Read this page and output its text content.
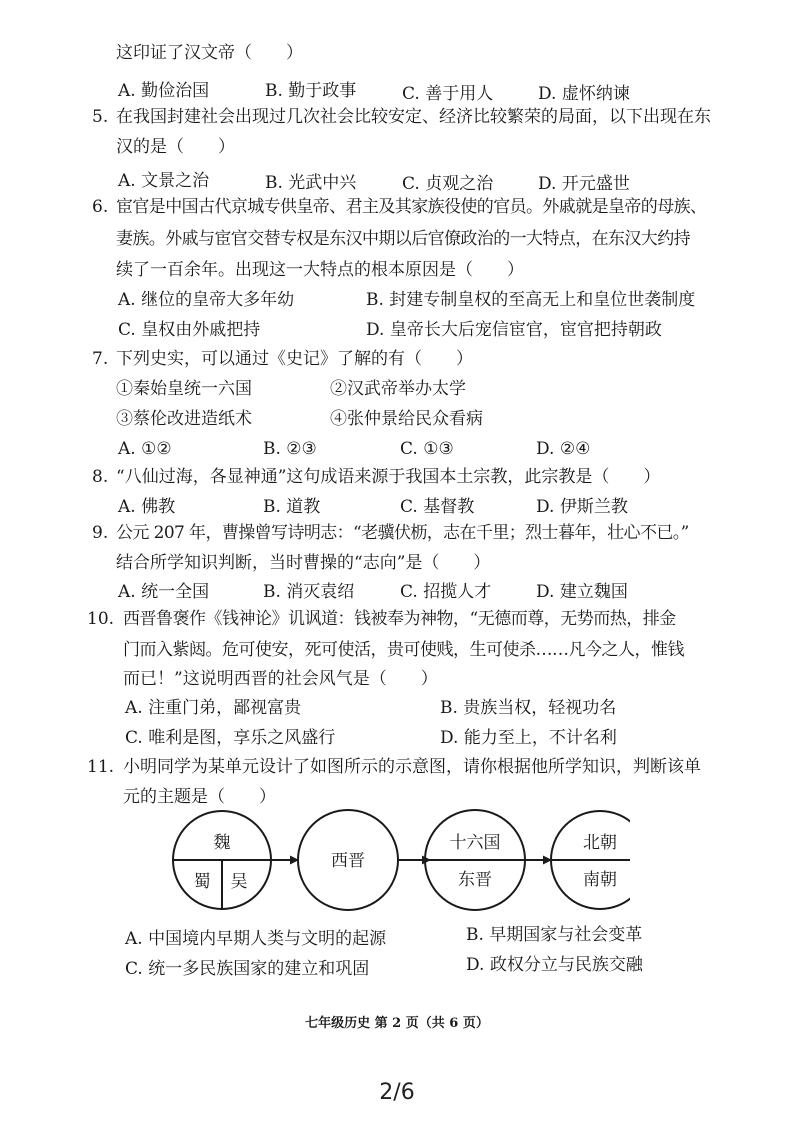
这印证了汉文帝（　　）
A. 勤俭治国	B. 勤于政事	C. 善于用人	D. 虚怀纳谏
5. 在我国封建社会出现过几次社会比较安定、经济比较繁荣的局面，以下出现在东
汉的是（　　）
A. 文景之治	B. 光武中兴	C. 贞观之治	D. 开元盛世
6. 宦官是中国古代京城专供皇帝、君主及其家族役使的官员。外戚就是皇帝的母族、
妻族。外戚与宦官交替专权是东汉中期以后官僚政治的一大特点，在东汉大约持
续了一百余年。出现这一大特点的根本原因是（　　）
A. 继位的皇帝大多年幼	B. 封建专制皇权的至高无上和皇位世袭制度
C. 皇权由外戚把持	D. 皇帝长大后宠信宦官，宦官把持朝政
7. 下列史实，可以通过《史记》了解的有（　　）
①秦始皇统一六国	②汉武帝举办太学
③蔡伦改进造纸术	④张仲景给民众看病
A. ①②	B. ②③	C. ①③	D. ②④
8. “八仙过海，各显神通”这句成语来源于我国本土宗教，此宗教是（　　）
A. 佛教	B. 道教	C. 基督教	D. 伊斯兰教
9. 公元 207 年，曹操曾写诗明志：“老骥伏枥，志在千里；烈士暮年，壮心不已。”
结合所学知识判断，当时曹操的“志向”是（　　）
A. 统一全国	B. 消灭袁绍	C. 招揽人才	D. 建立魏国
10. 西晋鲁褒作《钱神论》讥讽道：钱被奉为神物，“无德而尊，无势而热，排金
门而入紫闼。危可使安，死可使活，贵可使贱，生可使杀……凡今之人，惟钱
而已！”这说明西晋的社会风气是（　　）
A. 注重门弟，鄙视富贵	B. 贵族当权，轻视功名
C. 唯利是图，享乐之风盛行	D. 能力至上，不计名利
11. 小明同学为某单元设计了如图所示的示意图，请你根据他所学知识，判断该单
元的主题是（　　）
魏
蜀 吴
西晋
十六国
东晋
北朝
南朝
A. 中国境内早期人类与文明的起源	B. 早期国家与社会变革
C. 统一多民族国家的建立和巩固	D. 政权分立与民族交融
七年级历史 第 2 页（共 6 页）
2/6
